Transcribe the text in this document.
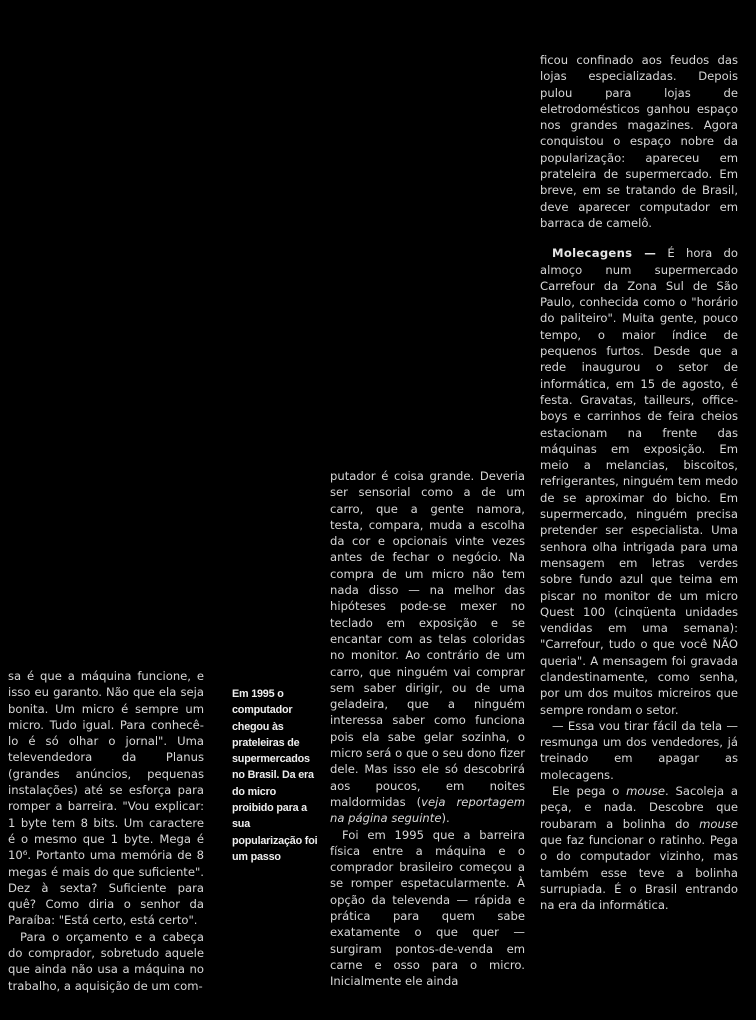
sa é que a máquina funcione, e isso eu garanto. Não que ela seja bonita. Um micro é sempre um micro. Tudo igual. Para conhecê-lo é só olhar o jornal". Uma televendedora da Planus (grandes anúncios, pequenas instalações) até se esforça para romper a barreira. "Vou explicar: 1 byte tem 8 bits. Um caractere é o mesmo que 1 byte. Mega é 10⁶. Portanto uma memória de 8 megas é mais do que suficiente". Dez à sexta? Suficiente para quê? Como diria o senhor da Paraíba: "Está certo, está certo".

Para o orçamento e a cabeça do comprador, sobretudo aquele que ainda não usa a máquina no trabalho, a aquisição de um com-

Em 1995 o computador chegou às prateleiras de supermercados no Brasil. Da era do micro proibido para a sua popularização foi um passo

putador é coisa grande. Deveria ser sensorial como a de um carro, que a gente namora, testa, compara, muda a escolha da cor e opcionais vinte vezes antes de fechar o negócio. Na compra de um micro não tem nada disso — na melhor das hipóteses pode-se mexer no teclado em exposição e se encantar com as telas coloridas no monitor. Ao contrário de um carro, que ninguém vai comprar sem saber dirigir, ou de uma geladeira, que a ninguém interessa saber como funciona pois ela sabe gelar sozinha, o micro será o que o seu dono fizer dele. Mas isso ele só descobrirá aos poucos, em noites maldormidas (veja reportagem na página seguinte).

Foi em 1995 que a barreira física entre a máquina e o comprador brasileiro começou a se romper espetacularmente. À opção da televenda — rápida e prática para quem sabe exatamente o que quer — surgiram pontos-de-venda em carne e osso para o micro. Inicialmente ele ainda

ficou confinado aos feudos das lojas especializadas. Depois pulou para lojas de eletrodomésticos ganhou espaço nos grandes magazines. Agora conquistou o espaço nobre da popularização: apareceu em prateleira de supermercado. Em breve, em se tratando de Brasil, deve aparecer computador em barraca de camelô.

Molecagens — É hora do almoço num supermercado Carrefour da Zona Sul de São Paulo, conhecida como o "horário do paliteiro". Muita gente, pouco tempo, o maior índice de pequenos furtos. Desde que a rede inaugurou o setor de informática, em 15 de agosto, é festa. Gravatas, tailleurs, office-boys e carrinhos de feira cheios estacionam na frente das máquinas em exposição. Em meio a melancias, biscoitos, refrigerantes, ninguém tem medo de se aproximar do bicho. Em supermercado, ninguém precisa pretender ser especialista. Uma senhora olha intrigada para uma mensagem em letras verdes sobre fundo azul que teima em piscar no monitor de um micro Quest 100 (cinqüenta unidades vendidas em uma semana): "Carrefour, tudo o que você NÃO queria". A mensagem foi gravada clandestinamente, como senha, por um dos muitos micreiros que sempre rondam o setor.

— Essa vou tirar fácil da tela — resmunga um dos vendedores, já treinado em apagar as molecagens.

Ele pega o mouse. Sacoleja a peça, e nada. Descobre que roubaram a bolinha do mouse que faz funcionar o ratinho. Pega o do computador vizinho, mas também esse teve a bolinha surrupiada. É o Brasil entrando na era da informática.
